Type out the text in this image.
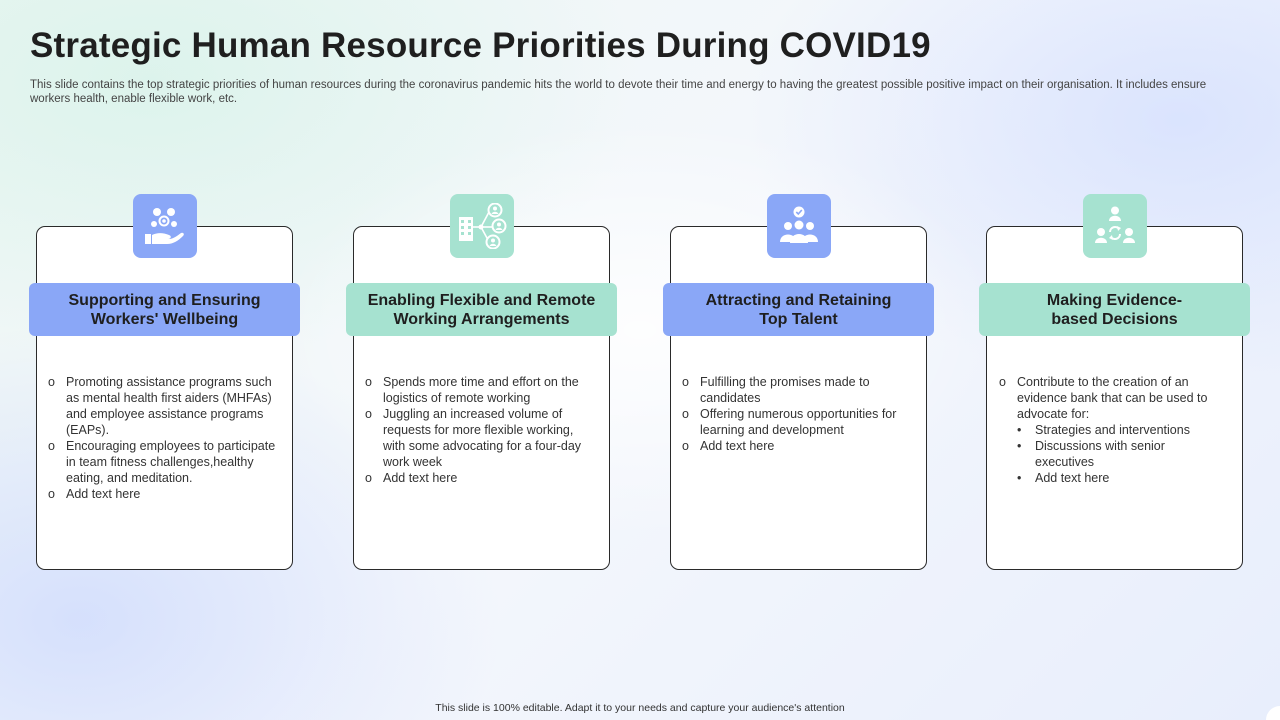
Strategic Human Resource Priorities During COVID19
This slide contains the top strategic priorities of human resources during the coronavirus pandemic hits the world to devote their time and energy to having the greatest possible positive impact on their organisation. It includes ensure workers health, enable flexible work, etc.
Supporting and Ensuring
Workers' Wellbeing
o Promoting assistance programs such as mental health first aiders (MHFAs) and employee assistance programs (EAPs).
o Encouraging employees to participate in team fitness challenges,healthy eating, and meditation.
o Add text here
Enabling Flexible and Remote
Working Arrangements
o Spends more time and effort on the logistics of remote working
o Juggling an increased volume of requests for more flexible working, with some advocating for a four-day work week
o Add text here
Attracting and Retaining
Top Talent
o Fulfilling the promises made to candidates
o Offering numerous opportunities for learning and development
o Add text here
Making Evidence-
based Decisions
o Contribute to the creation of an evidence bank that can be used to advocate for:
• Strategies and interventions
• Discussions with senior executives
• Add text here
This slide is 100% editable. Adapt it to your needs and capture your audience's attention
